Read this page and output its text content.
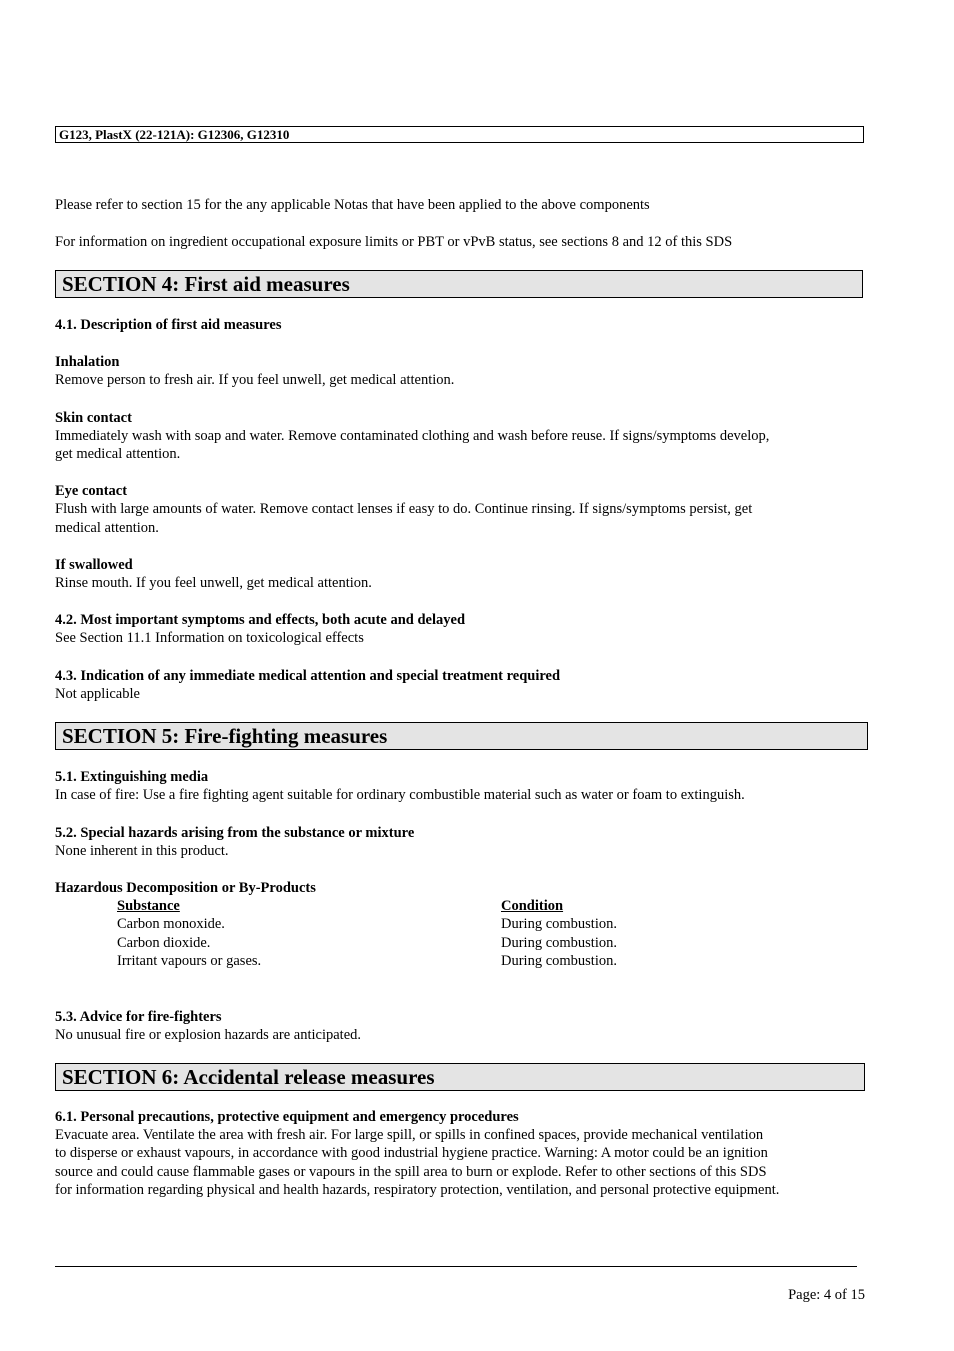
G123, PlastX (22-121A): G12306, G12310
Please refer to section 15 for the any applicable Notas that have been applied to the above components
For information on ingredient occupational exposure limits or PBT or vPvB status, see sections 8 and 12 of this SDS
SECTION 4: First aid measures
4.1. Description of first aid measures
Inhalation
Remove person to fresh air. If you feel unwell, get medical attention.
Skin contact
Immediately wash with soap and water. Remove contaminated clothing and wash before reuse. If signs/symptoms develop,
get medical attention.
Eye contact
Flush with large amounts of water. Remove contact lenses if easy to do. Continue rinsing. If signs/symptoms persist, get
medical attention.
If swallowed
Rinse mouth. If you feel unwell, get medical attention.
4.2. Most important symptoms and effects, both acute and delayed
See Section 11.1 Information on toxicological effects
4.3. Indication of any immediate medical attention and special treatment required
Not applicable
SECTION 5: Fire-fighting measures
5.1. Extinguishing media
In case of fire: Use a fire fighting agent suitable for ordinary combustible material such as water or foam to extinguish.
5.2. Special hazards arising from the substance or mixture
None inherent in this product.
Hazardous Decomposition or By-Products
Substance	Condition
Carbon monoxide.	During combustion.
Carbon dioxide.	During combustion.
Irritant vapours or gases.	During combustion.
5.3. Advice for fire-fighters
No unusual fire or explosion hazards are anticipated.
SECTION 6: Accidental release measures
6.1. Personal precautions, protective equipment and emergency procedures
Evacuate area. Ventilate the area with fresh air. For large spill, or spills in confined spaces, provide mechanical ventilation
to disperse or exhaust vapours, in accordance with good industrial hygiene practice. Warning: A motor could be an ignition
source and could cause flammable gases or vapours in the spill area to burn or explode. Refer to other sections of this SDS
for information regarding physical and health hazards, respiratory protection, ventilation, and personal protective equipment.
Page: 4 of 15
